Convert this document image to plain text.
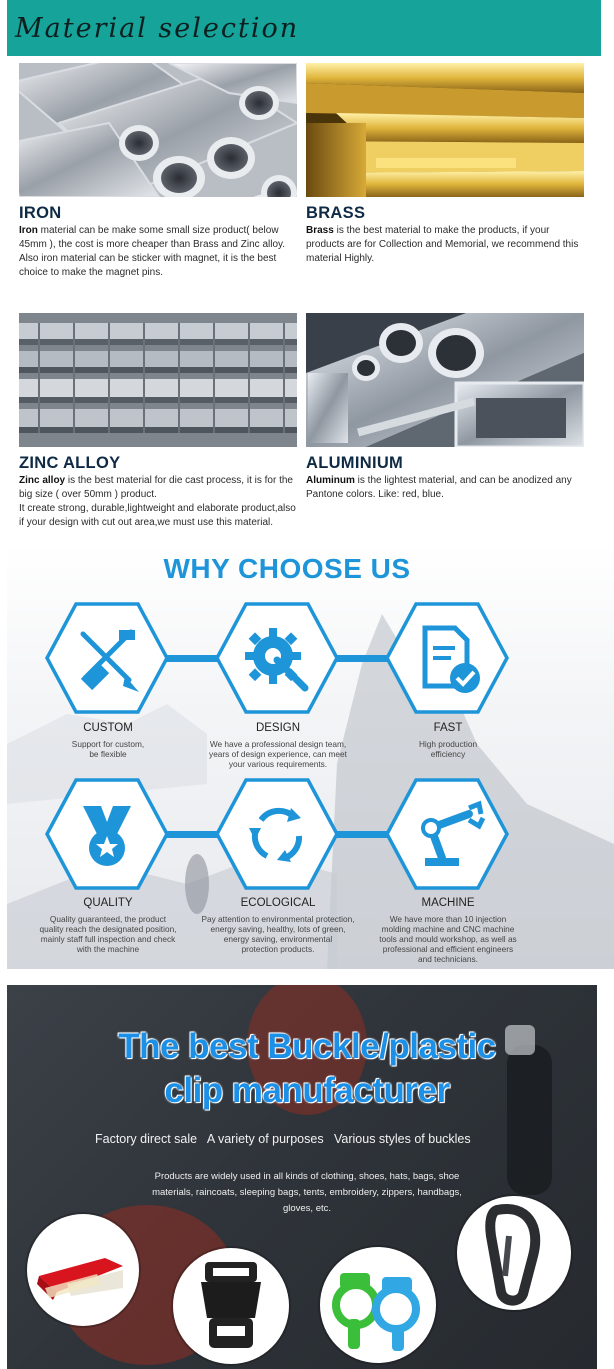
Material selection
IRON
Iron material can be make some small size product( below 45mm ), the cost is more cheaper than Brass and Zinc alloy.
Also iron material can be sticker with magnet, it is the best choice to make the magnet pins.
BRASS
Brass is the best material to make the products, if your products are for Collection and Memorial, we recommend this material Highly.
ZINC ALLOY
Zinc alloy is the best material for die cast process, it is for the big size ( over 50mm ) product.
It create strong, durable,lightweight and elaborate product,also if your design with cut out area,we must use this material.
ALUMINIUM
Aluminum is the lightest material, and can be anodized any Pantone colors. Like: red, blue.
WHY CHOOSE US
CUSTOM
Support for custom,
be flexible
DESIGN
We have a professional design team,
years of design experience, can meet
your various requirements.
FAST
High production
efficiency
QUALITY
Quality guaranteed, the product
quality reach the designated position,
mainly staff full inspection and check
with the machine
ECOLOGICAL
Pay attention to environmental protection,
energy saving, healthy, lots of green,
energy saving, environmental
protection products.
MACHINE
We have more than 10 injection
molding machine and CNC machine
tools and mould workshop, as well as
professional and efficient engineers
and technicians.
The best Buckle/plastic
clip manufacturer
Factory direct sale   A variety of purposes   Various styles of buckles
Products are widely used in all kinds of clothing, shoes, hats, bags, shoe materials, raincoats, sleeping bags, tents, embroidery, zippers, handbags, gloves, etc.
